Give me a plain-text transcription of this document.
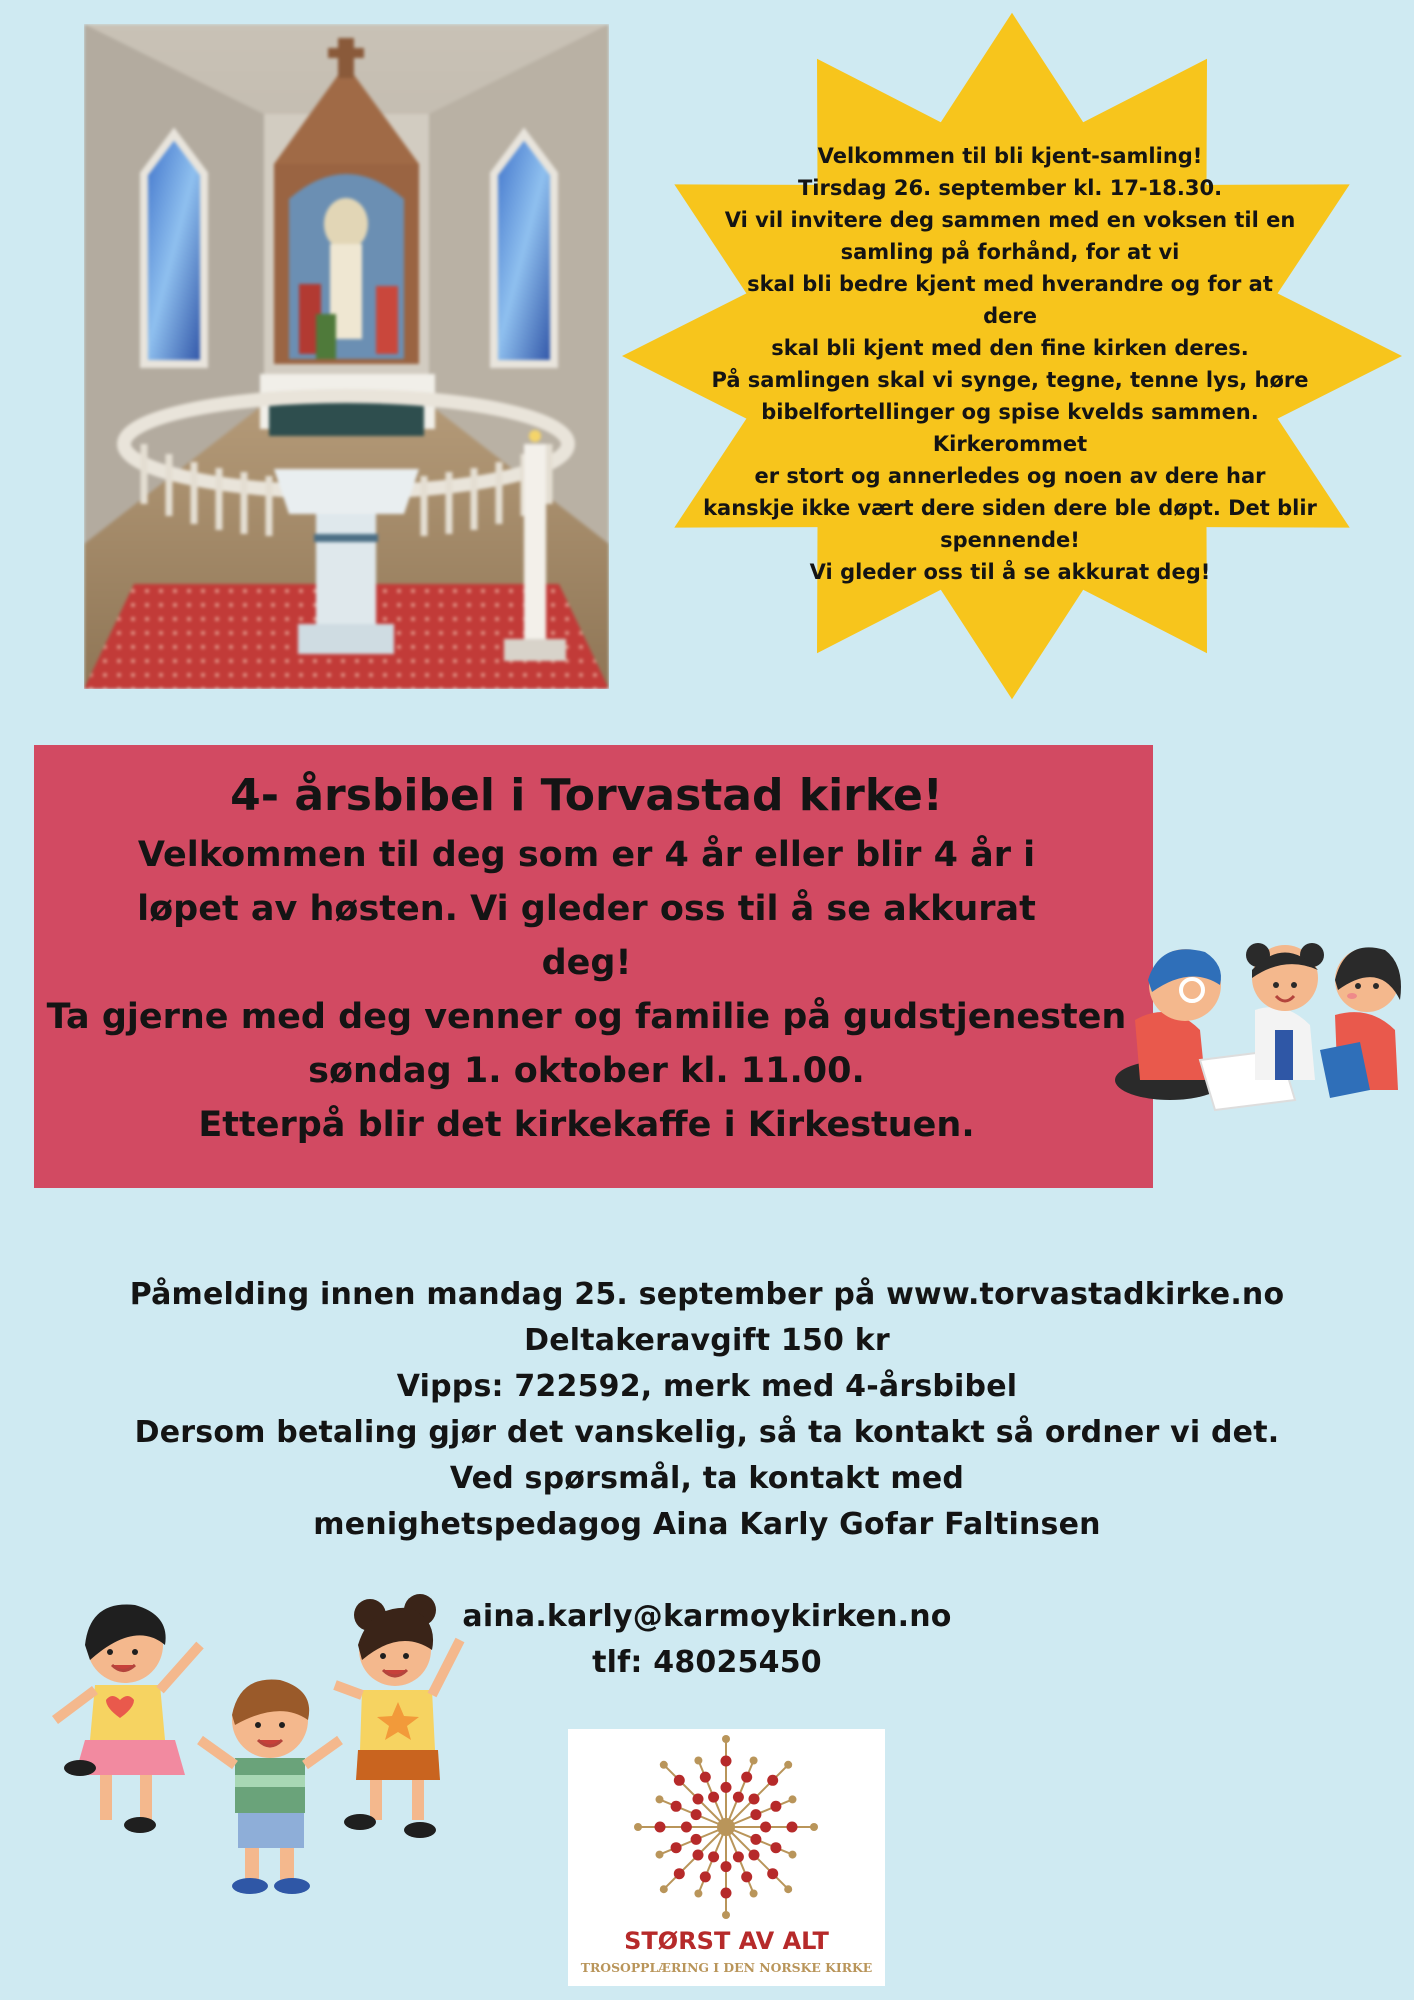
Velkommen til bli kjent-samling!
Tirsdag 26. september kl. 17-18.30.
Vi vil invitere deg sammen med en voksen til en
samling på forhånd, for at vi
skal bli bedre kjent med hverandre og for at
dere
skal bli kjent med den fine kirken deres.
På samlingen skal vi synge, tegne, tenne lys, høre
bibelfortellinger og spise kvelds sammen.
Kirkerommet
er stort og annerledes og noen av dere har
kanskje ikke vært dere siden dere ble døpt. Det blir
spennende!
Vi gleder oss til å se akkurat deg!
4- årsbibel i Torvastad kirke!
Velkommen til deg som er 4 år eller blir 4 år i
løpet av høsten. Vi gleder oss til å se akkurat
deg!
Ta gjerne med deg venner og familie på gudstjenesten
søndag 1. oktober kl. 11.00.
Etterpå blir det kirkekaffe i Kirkestuen.
Påmelding innen mandag 25. september på www.torvastadkirke.no
Deltakeravgift 150 kr
Vipps: 722592, merk med 4-årsbibel
Dersom betaling gjør det vanskelig, så ta kontakt så ordner vi det.
Ved spørsmål, ta kontakt med
menighetspedagog Aina Karly Gofar Faltinsen
aina.karly@karmoykirken.no
tlf: 48025450
STØRST AV ALT
TROSOPPLÆRING I DEN NORSKE KIRKE
